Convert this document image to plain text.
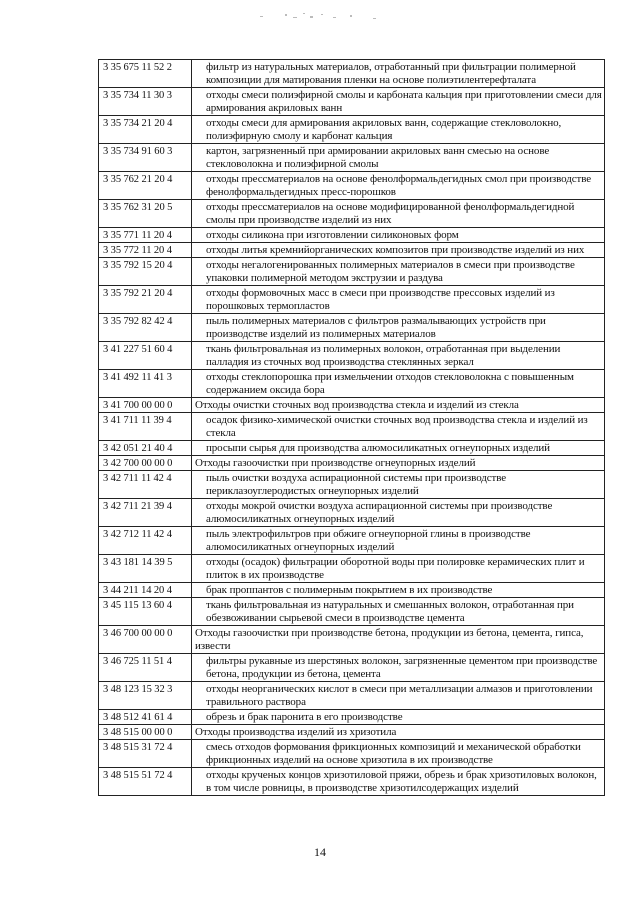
3 35 675 11 52 2	фильтр из натуральных материалов, отработанный при фильтрации полимерной композиции для матирования пленки на основе полиэтилентерефталата
3 35 734 11 30 3	отходы смеси полиэфирной смолы и карбоната кальция при приготовлении смеси для армирования акриловых ванн
3 35 734 21 20 4	отходы смеси для армирования акриловых ванн, содержащие стекловолокно, полиэфирную смолу и карбонат кальция
3 35 734 91 60 3	картон, загрязненный при армировании акриловых ванн смесью на основе стекловолокна и полиэфирной смолы
3 35 762 21 20 4	отходы прессматериалов на основе фенолформальдегидных смол при производстве фенолформальдегидных пресс-порошков
3 35 762 31 20 5	отходы прессматериалов на основе модифицированной фенолформальдегидной смолы при производстве изделий из них
3 35 771 11 20 4	отходы силикона при изготовлении силиконовых форм
3 35 772 11 20 4	отходы литья кремнийорганических композитов при производстве изделий из них
3 35 792 15 20 4	отходы негалогенированных полимерных материалов в смеси при производстве упаковки полимерной методом экструзии и раздува
3 35 792 21 20 4	отходы формовочных масс в смеси при производстве прессовых изделий из порошковых термопластов
3 35 792 82 42 4	пыль полимерных материалов с фильтров размалывающих устройств при производстве изделий из полимерных материалов
3 41 227 51 60 4	ткань фильтровальная из полимерных волокон, отработанная при выделении палладия из сточных вод производства стеклянных зеркал
3 41 492 11 41 3	отходы стеклопорошка при измельчении отходов стекловолокна с повышенным содержанием оксида бора
3 41 700 00 00 0	Отходы очистки сточных вод производства стекла и изделий из стекла
3 41 711 11 39 4	осадок физико-химической очистки сточных вод производства стекла и изделий из стекла
3 42 051 21 40 4	просыпи сырья для производства алюмосиликатных огнеупорных изделий
3 42 700 00 00 0	Отходы газоочистки при производстве огнеупорных изделий
3 42 711 11 42 4	пыль очистки воздуха аспирационной системы при производстве периклазоуглеродистых огнеупорных изделий
3 42 711 21 39 4	отходы мокрой очистки воздуха аспирационной системы при производстве алюмосиликатных огнеупорных изделий
3 42 712 11 42 4	пыль электрофильтров при обжиге огнеупорной глины в производстве алюмосиликатных огнеупорных изделий
3 43 181 14 39 5	отходы (осадок) фильтрации оборотной воды при полировке керамических плит и плиток в их производстве
3 44 211 14 20 4	брак проппантов с полимерным покрытием в их производстве
3 45 115 13 60 4	ткань фильтровальная из натуральных и смешанных волокон, отработанная при обезвоживании сырьевой смеси в производстве цемента
3 46 700 00 00 0	Отходы газоочистки при производстве бетона, продукции из бетона, цемента, гипса, извести
3 46 725 11 51 4	фильтры рукавные из шерстяных волокон, загрязненные цементом при производстве бетона, продукции из бетона, цемента
3 48 123 15 32 3	отходы неорганических кислот в смеси при металлизации алмазов и приготовлении травильного раствора
3 48 512 41 61 4	обрезь и брак паронита в его производстве
3 48 515 00 00 0	Отходы производства изделий из хризотила
3 48 515 31 72 4	смесь отходов формования фрикционных композиций и механической обработки фрикционных изделий на основе хризотила в их производстве
3 48 515 51 72 4	отходы крученых концов хризотиловой пряжи, обрезь и брак хризотиловых волокон, в том числе ровницы, в производстве хризотилсодержащих изделий
14
